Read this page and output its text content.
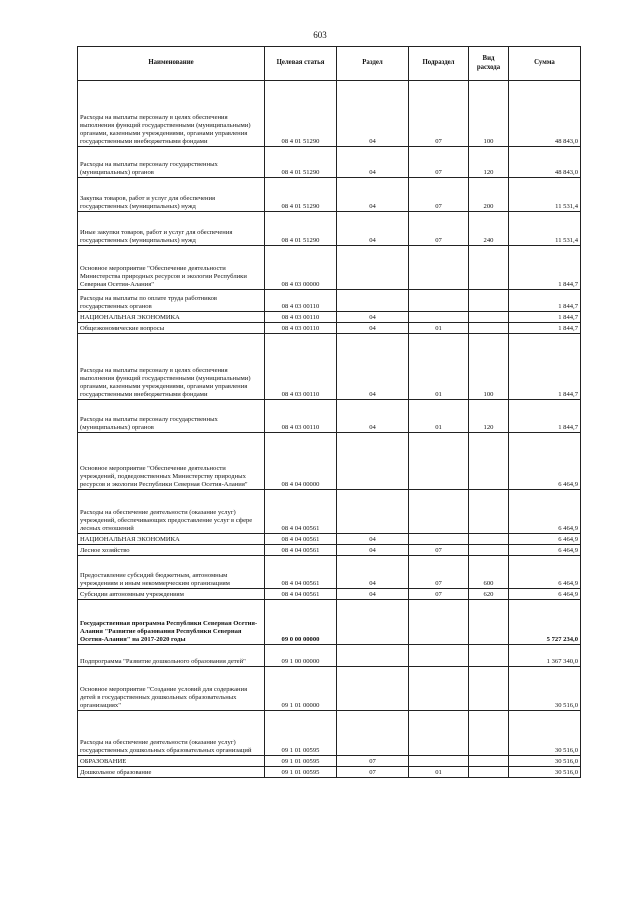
603
Наименование	Целевая статья	Раздел	Подраздел	Вид расхода	Сумма
Расходы на выплаты персоналу в целях обеспечения выполнения функций государственными (муниципальными) органами, казенными учреждениями, органами управления государственными внебюджетными фондами	08 4 01 51290	04	07	100	48 843,0
Расходы на выплаты персоналу государственных (муниципальных) органов	08 4 01 51290	04	07	120	48 843,0
Закупка товаров, работ и услуг для обеспечения государственных (муниципальных) нужд	08 4 01 51290	04	07	200	11 531,4
Иные закупки товаров, работ и услуг для обеспечения государственных (муниципальных) нужд	08 4 01 51290	04	07	240	11 531,4
Основное мероприятие "Обеспечение деятельности Министерства природных ресурсов и экологии Республики Северная Осетия-Алания"	08 4 03 00000				1 844,7
Расходы на выплаты по оплате труда работников государственных органов	08 4 03 00110				1 844,7
НАЦИОНАЛЬНАЯ ЭКОНОМИКА	08 4 03 00110	04			1 844,7
Общеэкономические вопросы	08 4 03 00110	04	01		1 844,7
Расходы на выплаты персоналу в целях обеспечения выполнения функций государственными (муниципальными) органами, казенными учреждениями, органами управления государственными внебюджетными фондами	08 4 03 00110	04	01	100	1 844,7
Расходы на выплаты персоналу государственных (муниципальных) органов	08 4 03 00110	04	01	120	1 844,7
Основное мероприятие "Обеспечение деятельности учреждений, подведомственных Министерству природных ресурсов и экологии Республики Северная Осетия-Алания"	08 4 04 00000				6 464,9
Расходы на обеспечение деятельности (оказание услуг) учреждений, обеспечивающих предоставление услуг в сфере лесных отношений	08 4 04 00561				6 464,9
НАЦИОНАЛЬНАЯ ЭКОНОМИКА	08 4 04 00561	04			6 464,9
Лесное хозяйство	08 4 04 00561	04	07		6 464,9
Предоставление субсидий бюджетным, автономным учреждениям и иным некоммерческим организациям	08 4 04 00561	04	07	600	6 464,9
Субсидии автономным учреждениям	08 4 04 00561	04	07	620	6 464,9
Государственная программа Республики Северная Осетия-Алания "Развитие образования Республики Северная Осетия-Алания" на 2017-2020 годы	09 0 00 00000				5 727 234,0
Подпрограмма "Развитие дошкольного образования детей"	09 1 00 00000				1 367 340,0
Основное мероприятие "Создание условий для содержания детей в государственных дошкольных образовательных организациях"	09 1 01 00000				30 516,0
Расходы на обеспечение деятельности (оказание услуг) государственных дошкольных образовательных организаций	09 1 01 00595				30 516,0
ОБРАЗОВАНИЕ	09 1 01 00595	07			30 516,0
Дошкольное образование	09 1 01 00595	07	01		30 516,0
